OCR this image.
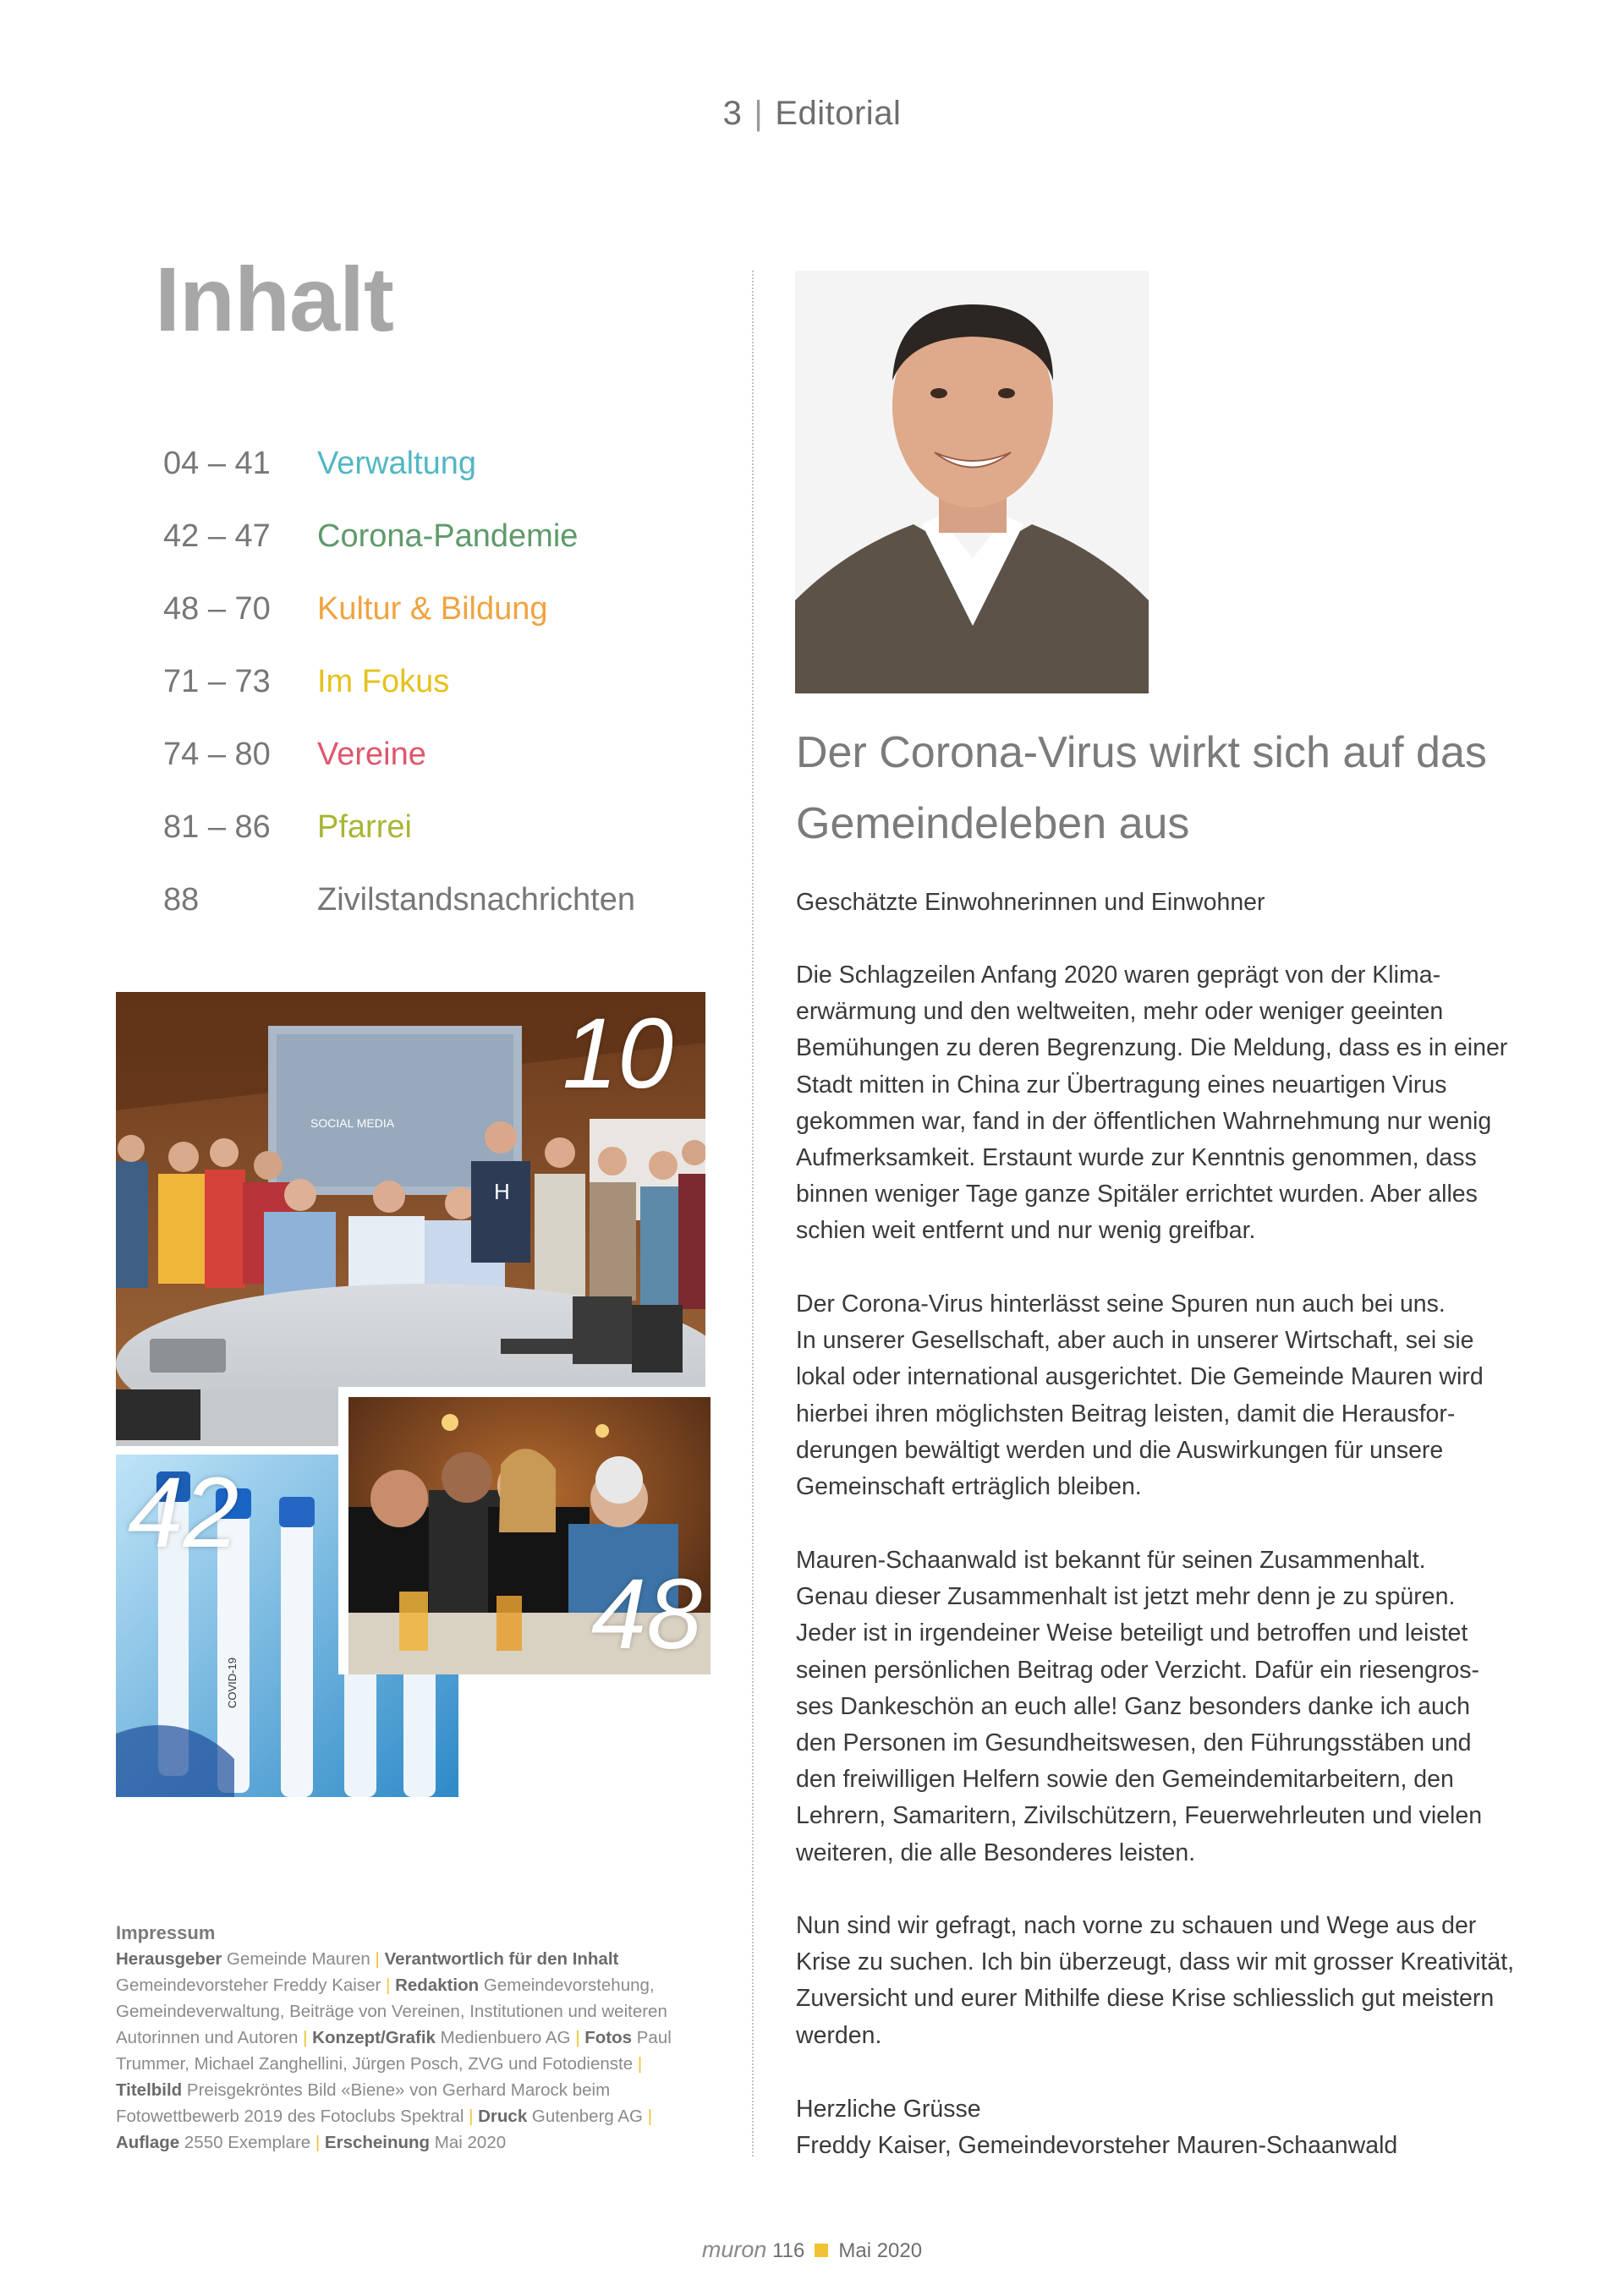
3 | Editorial
Inhalt
04 – 41 Verwaltung
42 – 47 Corona-Pandemie
48 – 70 Kultur & Bildung
71 – 73 Im Fokus
74 – 80 Vereine
81 – 86 Pfarrei
88	Zivilstandsnachrichten
SOCIAL MEDIA
H
10
COVID-19
42
48
Impressum
Herausgeber Gemeinde Mauren | Verantwortlich für den Inhalt Gemeindevorsteher Freddy Kaiser | Redaktion Gemeindevorstehung, Gemeindeverwaltung, Beiträge von Vereinen, Institutionen und weiteren Autorinnen und Autoren | Konzept/Grafik Medienbuero AG | Fotos Paul Trummer, Michael Zanghellini, Jürgen Posch, ZVG und Fotodienste | Titelbild Preisgekröntes Bild «Biene» von Gerhard Marock beim Fotowettbewerb 2019 des Fotoclubs Spektral | Druck Gutenberg AG | Auflage 2550 Exemplare | Erscheinung Mai 2020
Der Corona-Virus wirkt sich auf das Gemeindeleben aus
Geschätzte Einwohnerinnen und Einwohner
Die Schlagzeilen Anfang 2020 waren geprägt von der Klima-
erwärmung und den weltweiten, mehr oder weniger geeinten
Bemühungen zu deren Begrenzung. Die Meldung, dass es in einer
Stadt mitten in China zur Übertragung eines neuartigen Virus
gekommen war, fand in der öffentlichen Wahrnehmung nur wenig
Aufmerksamkeit. Erstaunt wurde zur Kenntnis genommen, dass
binnen weniger Tage ganze Spitäler errichtet wurden. Aber alles
schien weit entfernt und nur wenig greifbar.
Der Corona-Virus hinterlässt seine Spuren nun auch bei uns.
In unserer Gesellschaft, aber auch in unserer Wirtschaft, sei sie
lokal oder international ausgerichtet. Die Gemeinde Mauren wird
hierbei ihren möglichsten Beitrag leisten, damit die Herausfor-
derungen bewältigt werden und die Auswirkungen für unsere
Gemeinschaft erträglich bleiben.
Mauren-Schaanwald ist bekannt für seinen Zusammenhalt.
Genau dieser Zusammenhalt ist jetzt mehr denn je zu spüren.
Jeder ist in irgendeiner Weise beteiligt und betroffen und leistet
seinen persönlichen Beitrag oder Verzicht. Dafür ein riesengros-
ses Dankeschön an euch alle! Ganz besonders danke ich auch
den Personen im Gesundheitswesen, den Führungsstäben und
den freiwilligen Helfern sowie den Gemeindemitarbeitern, den
Lehrern, Samaritern, Zivilschützern, Feuerwehrleuten und vielen
weiteren, die alle Besonderes leisten.
Nun sind wir gefragt, nach vorne zu schauen und Wege aus der
Krise zu suchen. Ich bin überzeugt, dass wir mit grosser Kreativität,
Zuversicht und eurer Mithilfe diese Krise schliesslich gut meistern
werden.
Herzliche Grüsse
Freddy Kaiser, Gemeindevorsteher Mauren-Schaanwald
muron 116 Mai 2020
